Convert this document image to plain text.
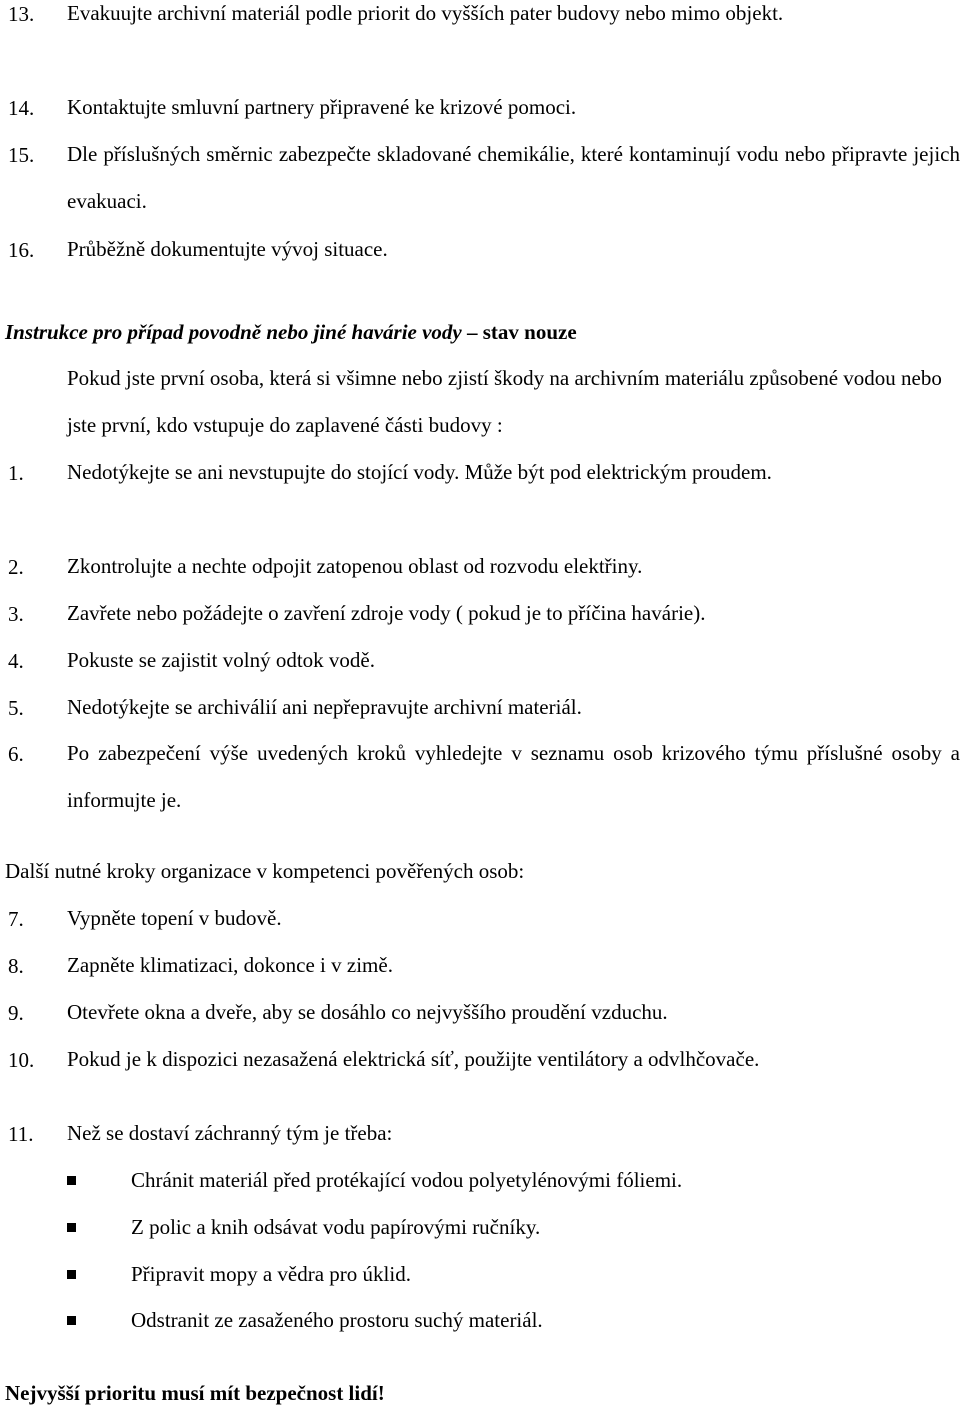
13. Evakuujte archivní materiál podle priorit do vyšších pater budovy nebo mimo objekt.
14. Kontaktujte smluvní partnery připravené ke krizové pomoci.
15. Dle příslušných směrnic zabezpečte skladované chemikálie, které kontaminují vodu nebo připravte jejich evakuaci.
16. Průběžně dokumentujte vývoj situace.
Instrukce pro případ povodně nebo jiné havárie vody – stav nouze
Pokud jste první osoba, která si všimne nebo zjistí škody na archivním materiálu způsobené vodou nebo jste první, kdo vstupuje do zaplavené části budovy :
1. Nedotýkejte se ani nevstupujte do stojící vody. Může být pod elektrickým proudem.
2. Zkontrolujte a nechte odpojit zatopenou oblast od rozvodu elektřiny.
3. Zavřete nebo požádejte o zavření zdroje vody ( pokud je to příčina havárie).
4. Pokuste se zajistit volný odtok vodě.
5. Nedotýkejte se archiválií ani nepřepravujte archivní materiál.
6. Po zabezpečení výše uvedených kroků vyhledejte v seznamu osob krizového týmu příslušné osoby a informujte je.
Další nutné kroky organizace v kompetenci pověřených osob:
7. Vypněte topení v budově.
8. Zapněte klimatizaci, dokonce i v zimě.
9. Otevřete okna a dveře, aby se dosáhlo co nejvyššího proudění vzduchu.
10. Pokud je k dispozici nezasažená elektrická síť, použijte ventilátory a odvlhčovače.
11. Než se dostaví záchranný tým je třeba:
Chránit materiál před protékající vodou polyetylénovými fóliemi.
Z polic a knih odsávat vodu papírovými ručníky.
Připravit mopy a vědra pro úklid.
Odstranit ze zasaženého prostoru suchý materiál.
Nejvyšší prioritu musí mít bezpečnost lidí!
